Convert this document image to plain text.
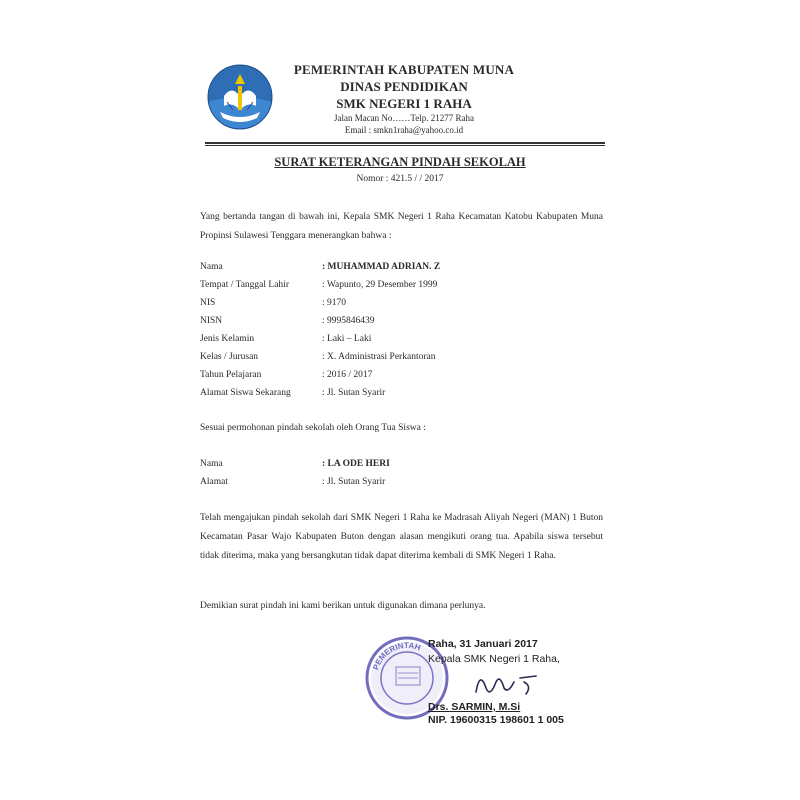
PEMERINTAH KABUPATEN MUNA
DINAS PENDIDIKAN
SMK NEGERI 1 RAHA
Jalan Macan No……Telp. 21277 Raha
Email : smkn1raha@yahoo.co.id
SURAT KETERANGAN PINDAH SEKOLAH
Nomor : 421.5 / / 2017

Yang bertanda tangan di bawah ini, Kepala SMK Negeri 1 Raha Kecamatan Katobu Kabupaten Muna Propinsi Sulawesi Tenggara menerangkan bahwa :

Nama	: MUHAMMAD ADRIAN. Z
Tempat / Tanggal Lahir	: Wapunto, 29 Desember 1999
NIS	: 9170
NISN	: 9995846439
Jenis Kelamin	: Laki – Laki
Kelas / Jurusan	: X. Administrasi Perkantoran
Tahun Pelajaran	: 2016 / 2017
Alamat Siswa Sekarang	: Jl. Sutan Syarir

Sesuai permohonan pindah sekolah oleh Orang Tua Siswa :

Nama	: LA ODE HERI
Alamat	: Jl. Sutan Syarir

Telah mengajukan pindah sekolah dari SMK Negeri 1 Raha ke Madrasah Aliyah Negeri (MAN) 1 Buton Kecamatan Pasar Wajo Kabupaten Buton dengan alasan mengikuti orang tua. Apabila siswa tersebut tidak diterima, maka yang bersangkutan tidak dapat diterima kembali di SMK Negeri 1 Raha.

Demikian surat pindah ini kami berikan untuk digunakan dimana perlunya.

PEMERINTAH Raha, 31 Januari 2017
Kepala SMK Negeri 1 Raha,
Drs. SARMIN, M.Si
NIP. 19600315 198601 1 005
